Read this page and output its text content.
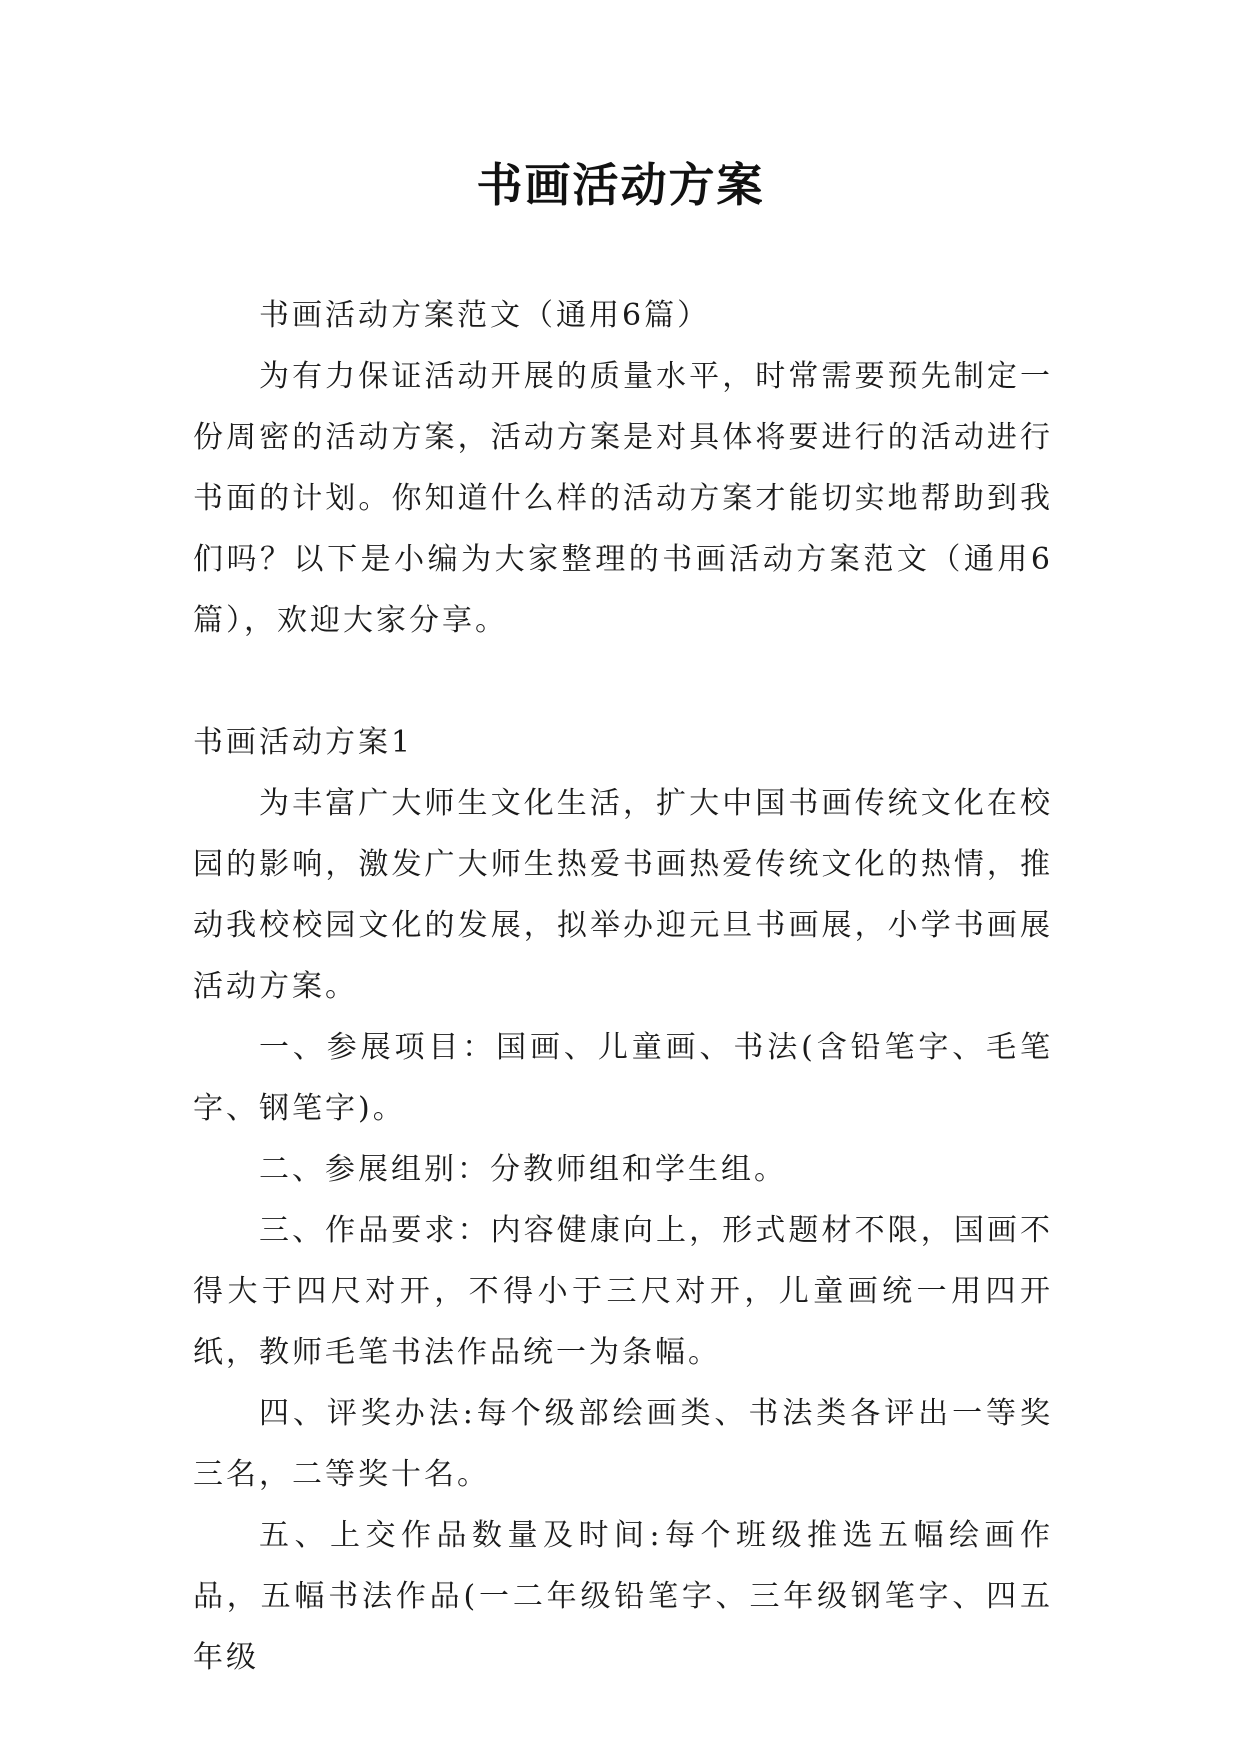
书画活动方案

书画活动方案范文（通用6篇）

为有力保证活动开展的质量水平，时常需要预先制定一份周密的活动方案，活动方案是对具体将要进行的活动进行书面的计划。你知道什么样的活动方案才能切实地帮助到我们吗？以下是小编为大家整理的书画活动方案范文（通用6篇），欢迎大家分享。

书画活动方案1

为丰富广大师生文化生活，扩大中国书画传统文化在校园的影响，激发广大师生热爱书画热爱传统文化的热情，推动我校校园文化的发展，拟举办迎元旦书画展，小学书画展活动方案。

一、参展项目：国画、儿童画、书法(含铅笔字、毛笔字、钢笔字)。

二、参展组别：分教师组和学生组。

三、作品要求：内容健康向上，形式题材不限，国画不得大于四尺对开，不得小于三尺对开，儿童画统一用四开纸，教师毛笔书法作品统一为条幅。

四、评奖办法:每个级部绘画类、书法类各评出一等奖三名，二等奖十名。

五、上交作品数量及时间:每个班级推选五幅绘画作品，五幅书法作品(一二年级铅笔字、三年级钢笔字、四五年级
